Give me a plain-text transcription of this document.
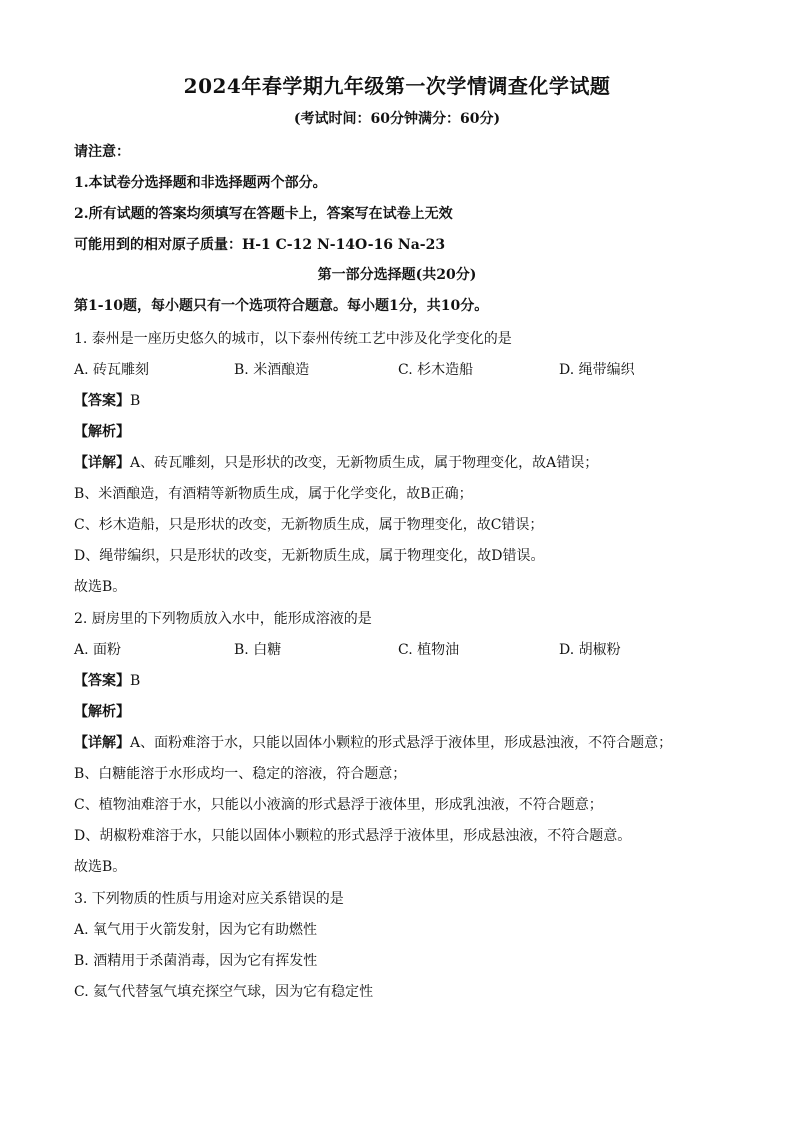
2024年春学期九年级第一次学情调查化学试题
(考试时间：60分钟满分：60分)
请注意：
1.本试卷分选择题和非选择题两个部分。
2.所有试题的答案均须填写在答题卡上，答案写在试卷上无效
可能用到的相对原子质量：H-1 C-12 N-14O-16 Na-23
第一部分选择题(共20分)
第1-10题，每小题只有一个选项符合题意。每小题1分，共10分。
1. 泰州是一座历史悠久的城市，以下泰州传统工艺中涉及化学变化的是
A. 砖瓦雕刻	B. 米酒酿造	C. 杉木造船	D. 绳带编织
【答案】B
【解析】
【详解】A、砖瓦雕刻，只是形状的改变，无新物质生成，属于物理变化，故A错误；
B、米酒酿造，有酒精等新物质生成，属于化学变化，故B正确；
C、杉木造船，只是形状的改变，无新物质生成，属于物理变化，故C错误；
D、绳带编织，只是形状的改变，无新物质生成，属于物理变化，故D错误。
故选B。
2. 厨房里的下列物质放入水中，能形成溶液的是
A. 面粉	B. 白糖	C. 植物油	D. 胡椒粉
【答案】B
【解析】
【详解】A、面粉难溶于水，只能以固体小颗粒的形式悬浮于液体里，形成悬浊液，不符合题意；
B、白糖能溶于水形成均一、稳定的溶液，符合题意；
C、植物油难溶于水，只能以小液滴的形式悬浮于液体里，形成乳浊液，不符合题意；
D、胡椒粉难溶于水，只能以固体小颗粒的形式悬浮于液体里，形成悬浊液，不符合题意。
故选B。
3. 下列物质的性质与用途对应关系错误的是
A. 氧气用于火箭发射，因为它有助燃性
B. 酒精用于杀菌消毒，因为它有挥发性
C. 氦气代替氢气填充探空气球，因为它有稳定性
